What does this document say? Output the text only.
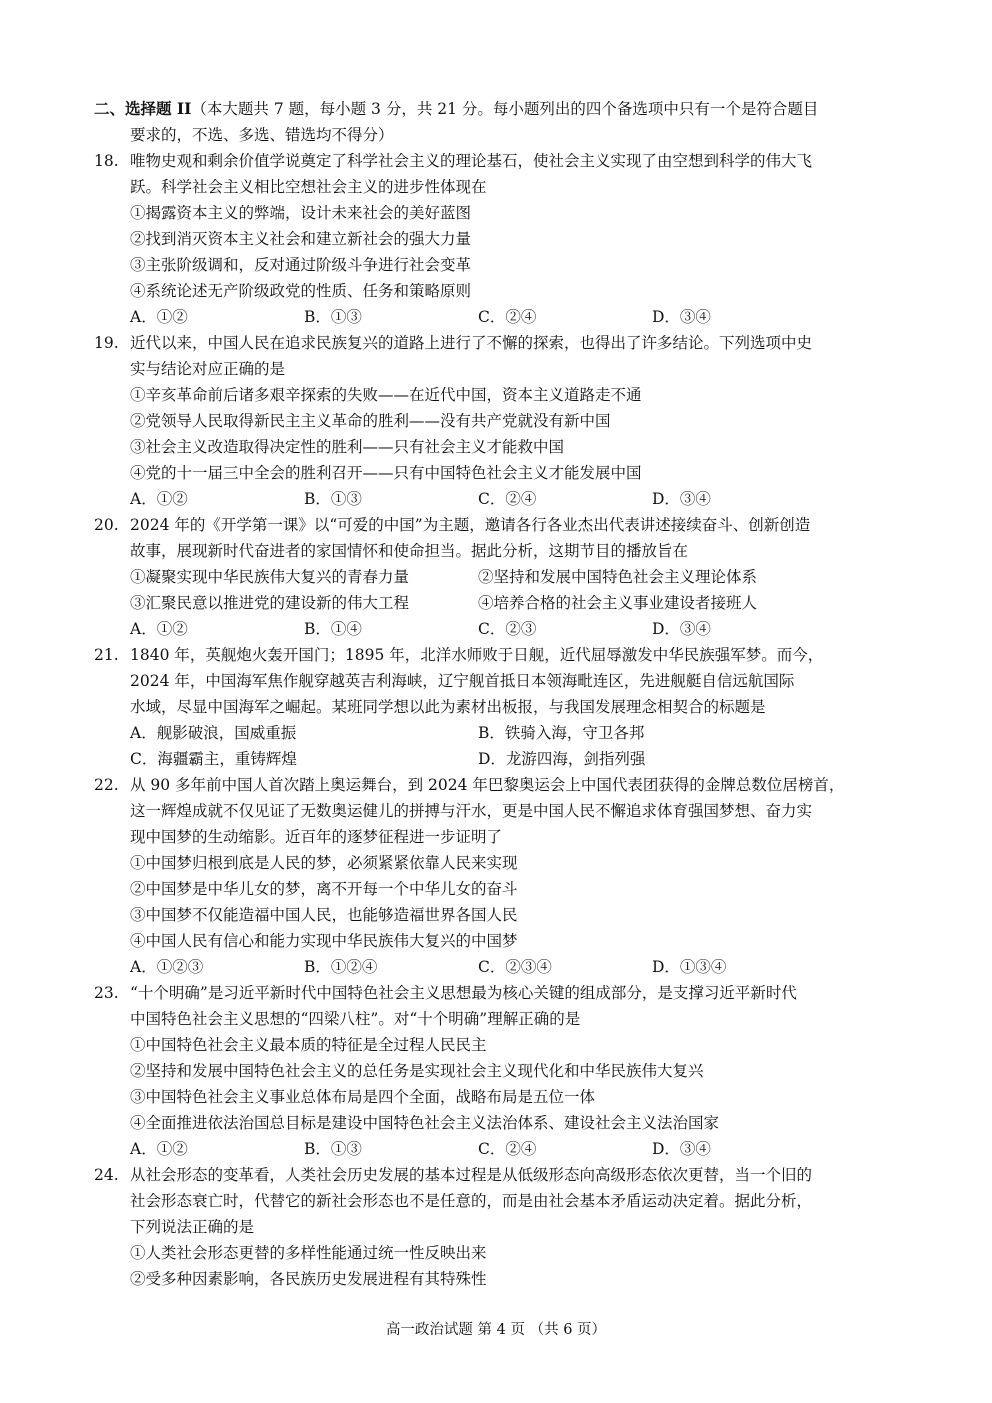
二、选择题 II（本大题共 7 题，每小题 3 分，共 21 分。每小题列出的四个备选项中只有一个是符合题目
要求的，不选、多选、错选均不得分）
18. 唯物史观和剩余价值学说奠定了科学社会主义的理论基石，使社会主义实现了由空想到科学的伟大飞
跃。科学社会主义相比空想社会主义的进步性体现在
①揭露资本主义的弊端，设计未来社会的美好蓝图
②找到消灭资本主义社会和建立新社会的强大力量
③主张阶级调和，反对通过阶级斗争进行社会变革
④系统论述无产阶级政党的性质、任务和策略原则
A．①②	B．①③	C．②④	D．③④
19. 近代以来，中国人民在追求民族复兴的道路上进行了不懈的探索，也得出了许多结论。下列选项中史
实与结论对应正确的是
①辛亥革命前后诸多艰辛探索的失败——在近代中国，资本主义道路走不通
②党领导人民取得新民主主义革命的胜利——没有共产党就没有新中国
③社会主义改造取得决定性的胜利——只有社会主义才能救中国
④党的十一届三中全会的胜利召开——只有中国特色社会主义才能发展中国
A．①②	B．①③	C．②④	D．③④
20. 2024 年的《开学第一课》以“可爱的中国”为主题，邀请各行各业杰出代表讲述接续奋斗、创新创造
故事，展现新时代奋进者的家国情怀和使命担当。据此分析，这期节目的播放旨在
①凝聚实现中华民族伟大复兴的青春力量	②坚持和发展中国特色社会主义理论体系
③汇聚民意以推进党的建设新的伟大工程	④培养合格的社会主义事业建设者接班人
A．①②	B．①④	C．②③	D．③④
21. 1840 年，英舰炮火轰开国门；1895 年，北洋水师败于日舰，近代屈辱激发中华民族强军梦。而今，
2024 年，中国海军焦作舰穿越英吉利海峡，辽宁舰首抵日本领海毗连区，先进舰艇自信远航国际
水域，尽显中国海军之崛起。某班同学想以此为素材出板报，与我国发展理念相契合的标题是
A．舰影破浪，国威重振	B．铁骑入海，守卫各邦
C．海疆霸主，重铸辉煌	D．龙游四海，剑指列强
22. 从 90 多年前中国人首次踏上奥运舞台，到 2024 年巴黎奥运会上中国代表团获得的金牌总数位居榜首，
这一辉煌成就不仅见证了无数奥运健儿的拼搏与汗水，更是中国人民不懈追求体育强国梦想、奋力实
现中国梦的生动缩影。近百年的逐梦征程进一步证明了
①中国梦归根到底是人民的梦，必须紧紧依靠人民来实现
②中国梦是中华儿女的梦，离不开每一个中华儿女的奋斗
③中国梦不仅能造福中国人民，也能够造福世界各国人民
④中国人民有信心和能力实现中华民族伟大复兴的中国梦
A．①②③	B．①②④	C．②③④	D．①③④
23. “十个明确”是习近平新时代中国特色社会主义思想最为核心关键的组成部分，是支撑习近平新时代
中国特色社会主义思想的“四梁八柱”。对“十个明确”理解正确的是
①中国特色社会主义最本质的特征是全过程人民民主
②坚持和发展中国特色社会主义的总任务是实现社会主义现代化和中华民族伟大复兴
③中国特色社会主义事业总体布局是四个全面，战略布局是五位一体
④全面推进依法治国总目标是建设中国特色社会主义法治体系、建设社会主义法治国家
A．①②	B．①③	C．②④	D．③④
24. 从社会形态的变革看，人类社会历史发展的基本过程是从低级形态向高级形态依次更替，当一个旧的
社会形态衰亡时，代替它的新社会形态也不是任意的，而是由社会基本矛盾运动决定着。据此分析，
下列说法正确的是
①人类社会形态更替的多样性能通过统一性反映出来
②受多种因素影响，各民族历史发展进程有其特殊性
高一政治试题 第 4 页 （共 6 页）
